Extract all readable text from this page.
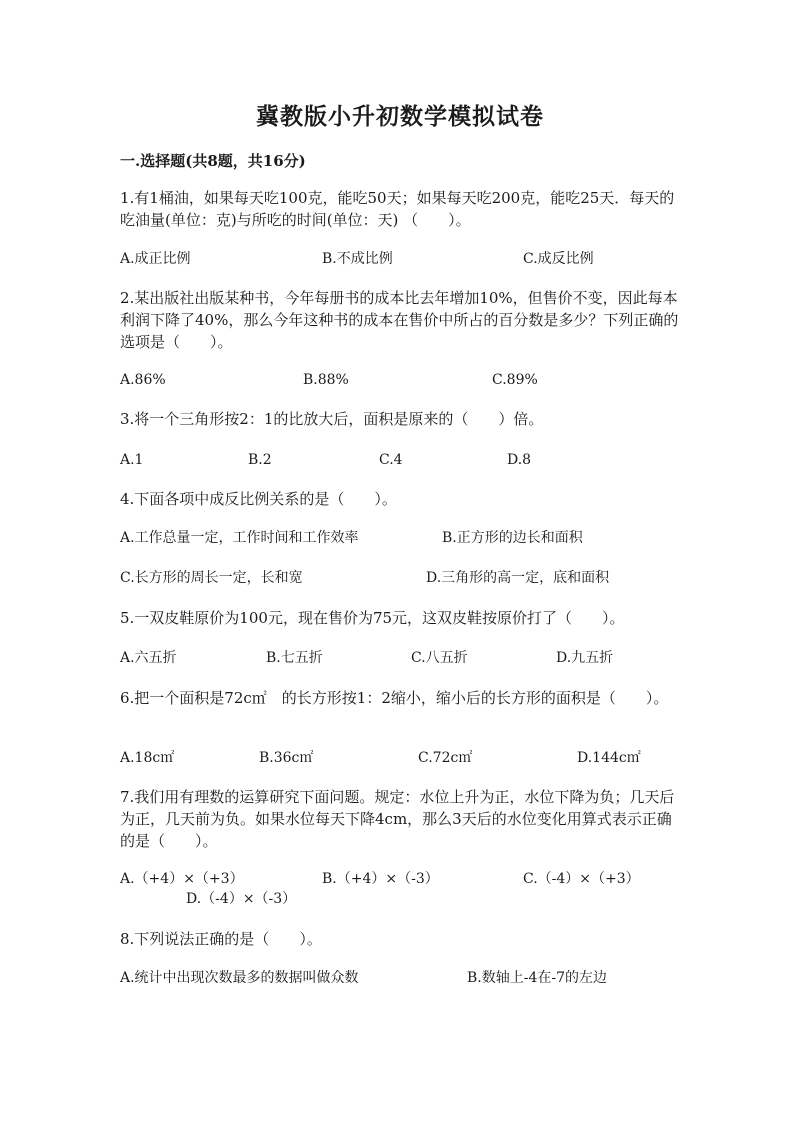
冀教版小升初数学模拟试卷
一.选择题(共8题，共16分)
1.有1桶油，如果每天吃100克，能吃50天；如果每天吃200克，能吃25天．每天的吃油量(单位：克)与所吃的时间(单位：天) （　　）。
A.成正比例	B.不成比例	C.成反比例
2.某出版社出版某种书，今年每册书的成本比去年增加10%，但售价不变，因此每本利润下降了40%，那么今年这种书的成本在售价中所占的百分数是多少？下列正确的选项是（　　）。
A.86%	B.88%	C.89%
3.将一个三角形按2：1的比放大后，面积是原来的（　　）倍。
A.1	B.2	C.4	D.8
4.下面各项中成反比例关系的是（　　）。
A.工作总量一定，工作时间和工作效率	B.正方形的边长和面积
C.长方形的周长一定，长和宽	D.三角形的高一定，底和面积
5.一双皮鞋原价为100元，现在售价为75元，这双皮鞋按原价打了（　　）。
A.六五折	B.七五折	C.八五折	D.九五折
6.把一个面积是72c㎡　的长方形按1：2缩小，缩小后的长方形的面积是（　　）。
A.18c㎡	B.36c㎡	C.72c㎡	D.144c㎡
7.我们用有理数的运算研究下面问题。规定：水位上升为正，水位下降为负；几天后为正，几天前为负。如果水位每天下降4cm，那么3天后的水位变化用算式表示正确的是（　　）。
A.（+4）×（+3）	B.（+4）×（-3）	C.（-4）×（+3）
D.（-4）×（-3）
8.下列说法正确的是（　　）。
A.统计中出现次数最多的数据叫做众数	B.数轴上-4在-7的左边
